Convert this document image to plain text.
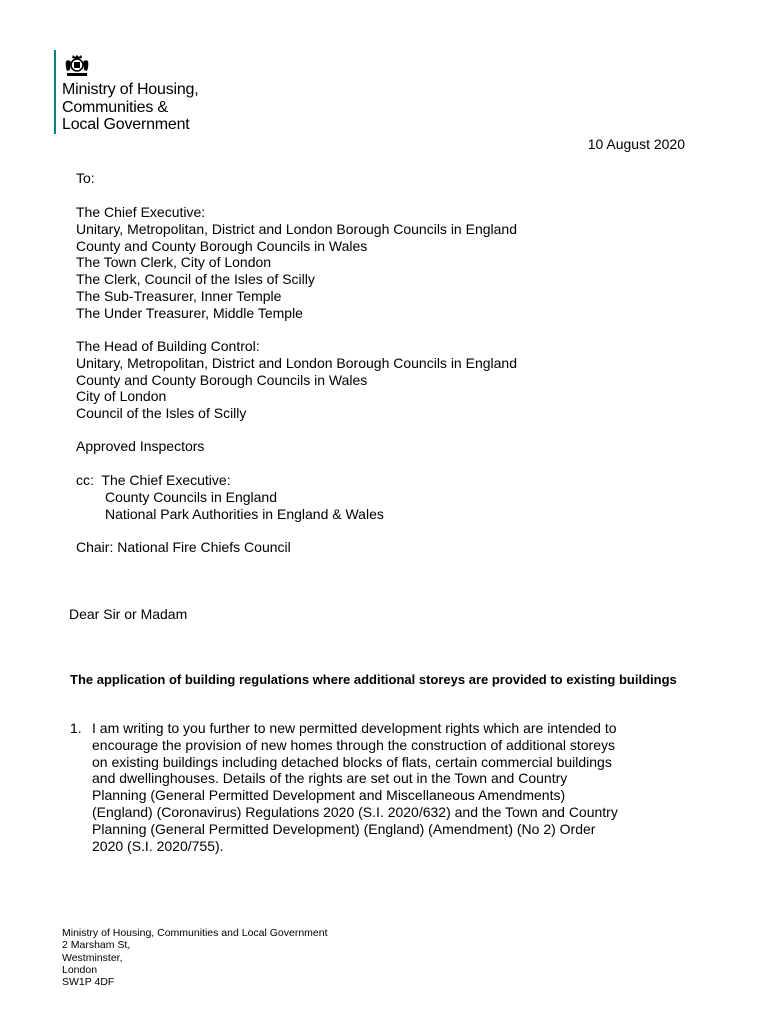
Ministry of Housing,
Communities &
Local Government
10 August 2020
To:
The Chief Executive:
Unitary, Metropolitan, District and London Borough Councils in England
County and County Borough Councils in Wales
The Town Clerk, City of London
The Clerk, Council of the Isles of Scilly
The Sub-Treasurer, Inner Temple
The Under Treasurer, Middle Temple
The Head of Building Control:
Unitary, Metropolitan, District and London Borough Councils in England
County and County Borough Councils in Wales
City of London
Council of the Isles of Scilly
Approved Inspectors
cc: The Chief Executive:
County Councils in England
National Park Authorities in England & Wales
Chair: National Fire Chiefs Council
Dear Sir or Madam
The application of building regulations where additional storeys are provided to existing buildings
1. I am writing to you further to new permitted development rights which are intended to
encourage the provision of new homes through the construction of additional storeys
on existing buildings including detached blocks of flats, certain commercial buildings
and dwellinghouses. Details of the rights are set out in the Town and Country
Planning (General Permitted Development and Miscellaneous Amendments)
(England) (Coronavirus) Regulations 2020 (S.I. 2020/632) and the Town and Country
Planning (General Permitted Development) (England) (Amendment) (No 2) Order
2020 (S.I. 2020/755).
Ministry of Housing, Communities and Local Government
2 Marsham St,
Westminster,
London
SW1P 4DF
